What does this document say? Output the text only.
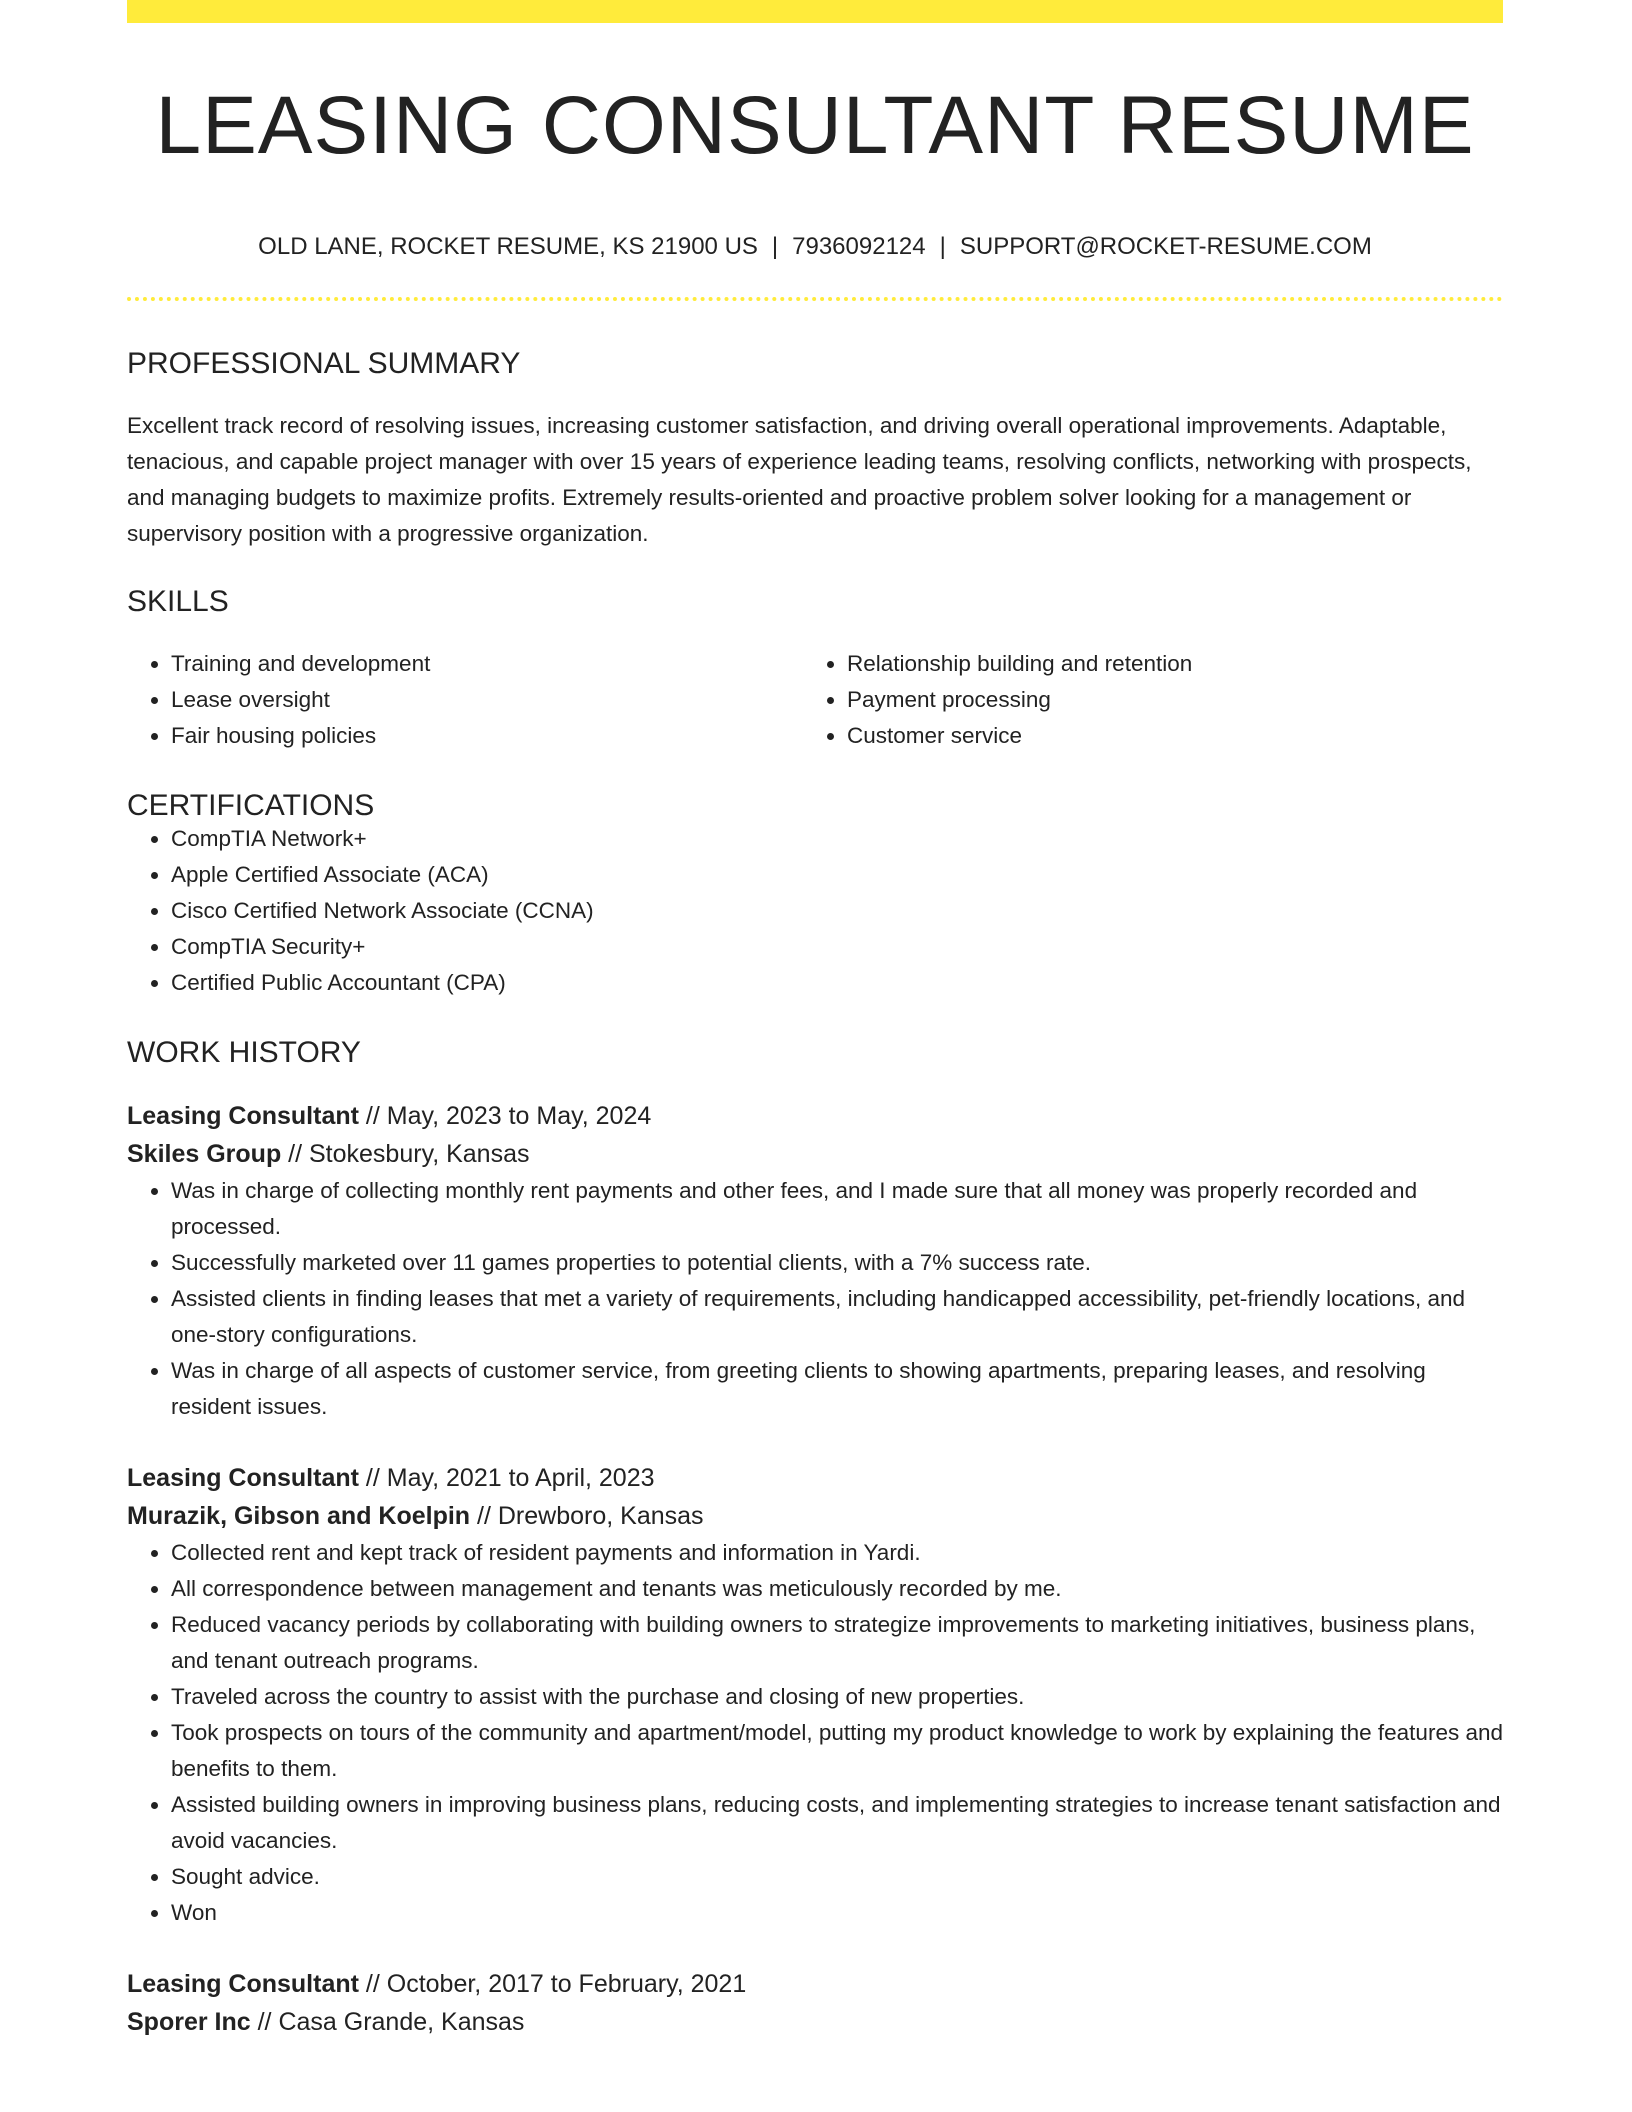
LEASING CONSULTANT RESUME
OLD LANE, ROCKET RESUME, KS 21900 US | 7936092124 | SUPPORT@ROCKET-RESUME.COM
PROFESSIONAL SUMMARY
Excellent track record of resolving issues, increasing customer satisfaction, and driving overall operational improvements. Adaptable, tenacious, and capable project manager with over 15 years of experience leading teams, resolving conflicts, networking with prospects, and managing budgets to maximize profits. Extremely results-oriented and proactive problem solver looking for a management or supervisory position with a progressive organization.
SKILLS
• Training and development
• Lease oversight
• Fair housing policies
• Relationship building and retention
• Payment processing
• Customer service
CERTIFICATIONS
• CompTIA Network+
• Apple Certified Associate (ACA)
• Cisco Certified Network Associate (CCNA)
• CompTIA Security+
• Certified Public Accountant (CPA)
WORK HISTORY
Leasing Consultant // May, 2023 to May, 2024
Skiles Group // Stokesbury, Kansas
• Was in charge of collecting monthly rent payments and other fees, and I made sure that all money was properly recorded and processed.
• Successfully marketed over 11 games properties to potential clients, with a 7% success rate.
• Assisted clients in finding leases that met a variety of requirements, including handicapped accessibility, pet-friendly locations, and one-story configurations.
• Was in charge of all aspects of customer service, from greeting clients to showing apartments, preparing leases, and resolving resident issues.
Leasing Consultant // May, 2021 to April, 2023
Murazik, Gibson and Koelpin // Drewboro, Kansas
• Collected rent and kept track of resident payments and information in Yardi.
• All correspondence between management and tenants was meticulously recorded by me.
• Reduced vacancy periods by collaborating with building owners to strategize improvements to marketing initiatives, business plans, and tenant outreach programs.
• Traveled across the country to assist with the purchase and closing of new properties.
• Took prospects on tours of the community and apartment/model, putting my product knowledge to work by explaining the features and benefits to them.
• Assisted building owners in improving business plans, reducing costs, and implementing strategies to increase tenant satisfaction and avoid vacancies.
• Sought advice.
• Won
Leasing Consultant // October, 2017 to February, 2021
Sporer Inc // Casa Grande, Kansas
